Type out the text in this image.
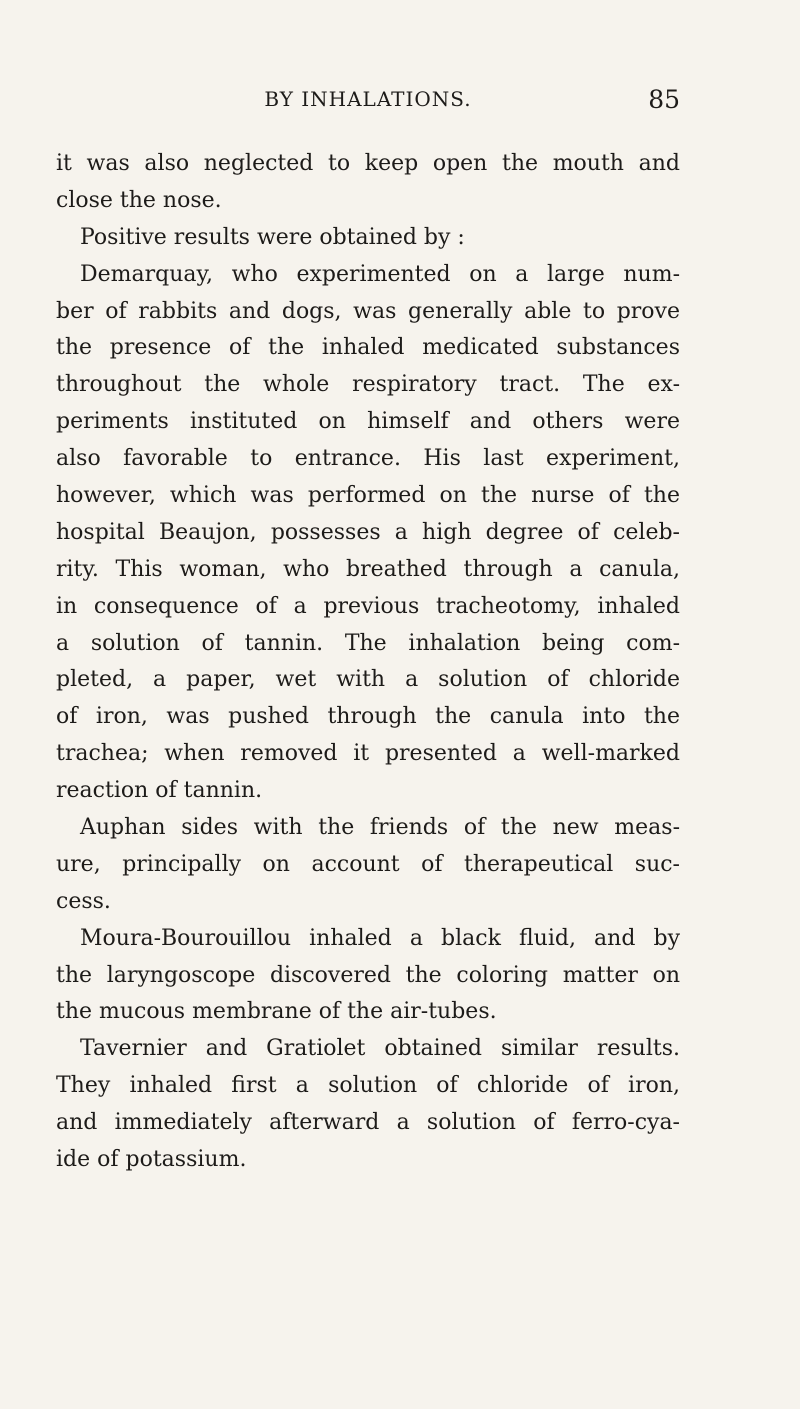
BY INHALATIONS.	85
it was also neglected to keep open the mouth and
close the nose.
Positive results were obtained by :
Demarquay, who experimented on a large num-
ber of rabbits and dogs, was generally able to prove
the presence of the inhaled medicated substances
throughout the whole respiratory tract. The ex-
periments instituted on himself and others were
also favorable to entrance. His last experiment,
however, which was performed on the nurse of the
hospital Beaujon, possesses a high degree of celeb-
rity. This woman, who breathed through a canula,
in consequence of a previous tracheotomy, inhaled
a solution of tannin. The inhalation being com-
pleted, a paper, wet with a solution of chloride
of iron, was pushed through the canula into the
trachea; when removed it presented a well-marked
reaction of tannin.
Auphan sides with the friends of the new meas-
ure, principally on account of therapeutical suc-
cess.
Moura-Bourouillou inhaled a black fluid, and by
the laryngoscope discovered the coloring matter on
the mucous membrane of the air-tubes.
Tavernier and Gratiolet obtained similar results.
They inhaled first a solution of chloride of iron,
and immediately afterward a solution of ferro-cya-
ide of potassium.
